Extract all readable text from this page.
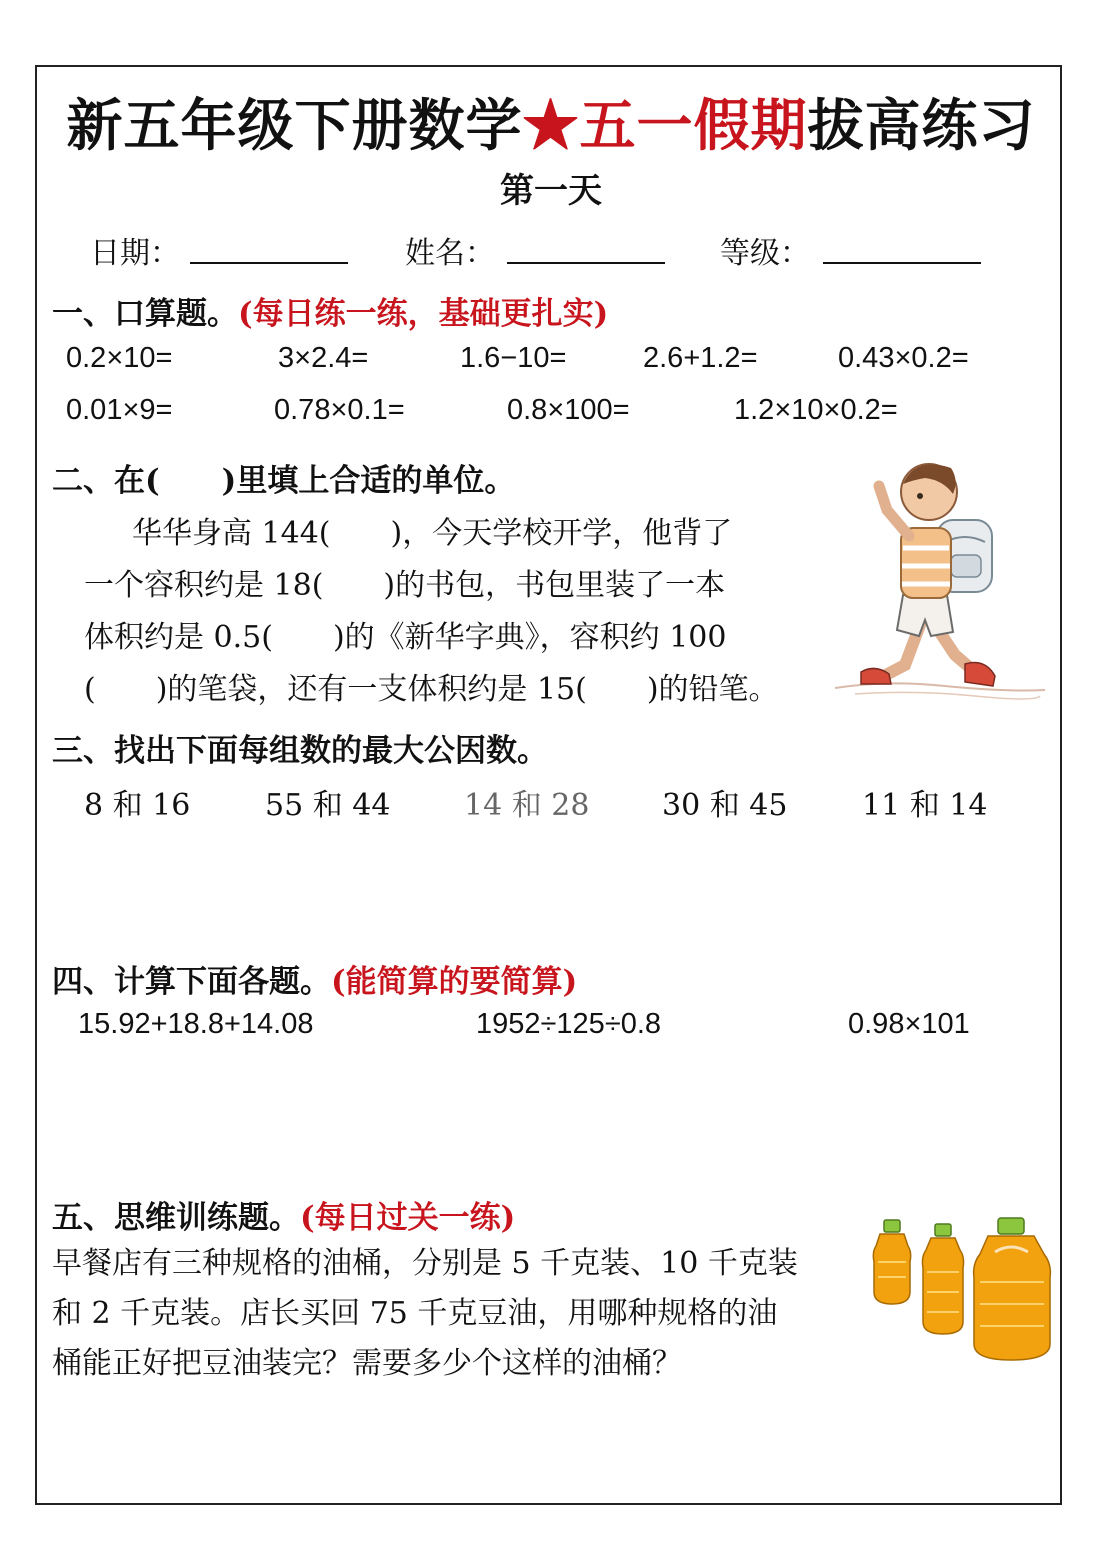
新五年级下册数学★五一假期拔高练习
第一天
日期：	姓名：	等级：
一、口算题。(每日练一练，基础更扎实)
0.2×10=	3×2.4=	1.6−10=	2.6+1.2=	0.43×0.2=
0.01×9=	0.78×0.1=	0.8×100=	1.2×10×0.2=
二、在(　　)里填上合适的单位。
华华身高 144(　　)，今天学校开学，他背了
一个容积约是 18(　　)的书包，书包里装了一本
体积约是 0.5(　　)的《新华字典》，容积约 100
(　　)的笔袋，还有一支体积约是 15(　　)的铅笔。
三、找出下面每组数的最大公因数。
8 和 16 55 和 44 14 和 28 30 和 45 11 和 14
四、计算下面各题。(能简算的要简算)
15.92+18.8+14.08	1952÷125÷0.8	0.98×101
五、思维训练题。(每日过关一练)
早餐店有三种规格的油桶，分别是 5 千克装、10 千克装
和 2 千克装。店长买回 75 千克豆油，用哪种规格的油
桶能正好把豆油装完？需要多少个这样的油桶？
